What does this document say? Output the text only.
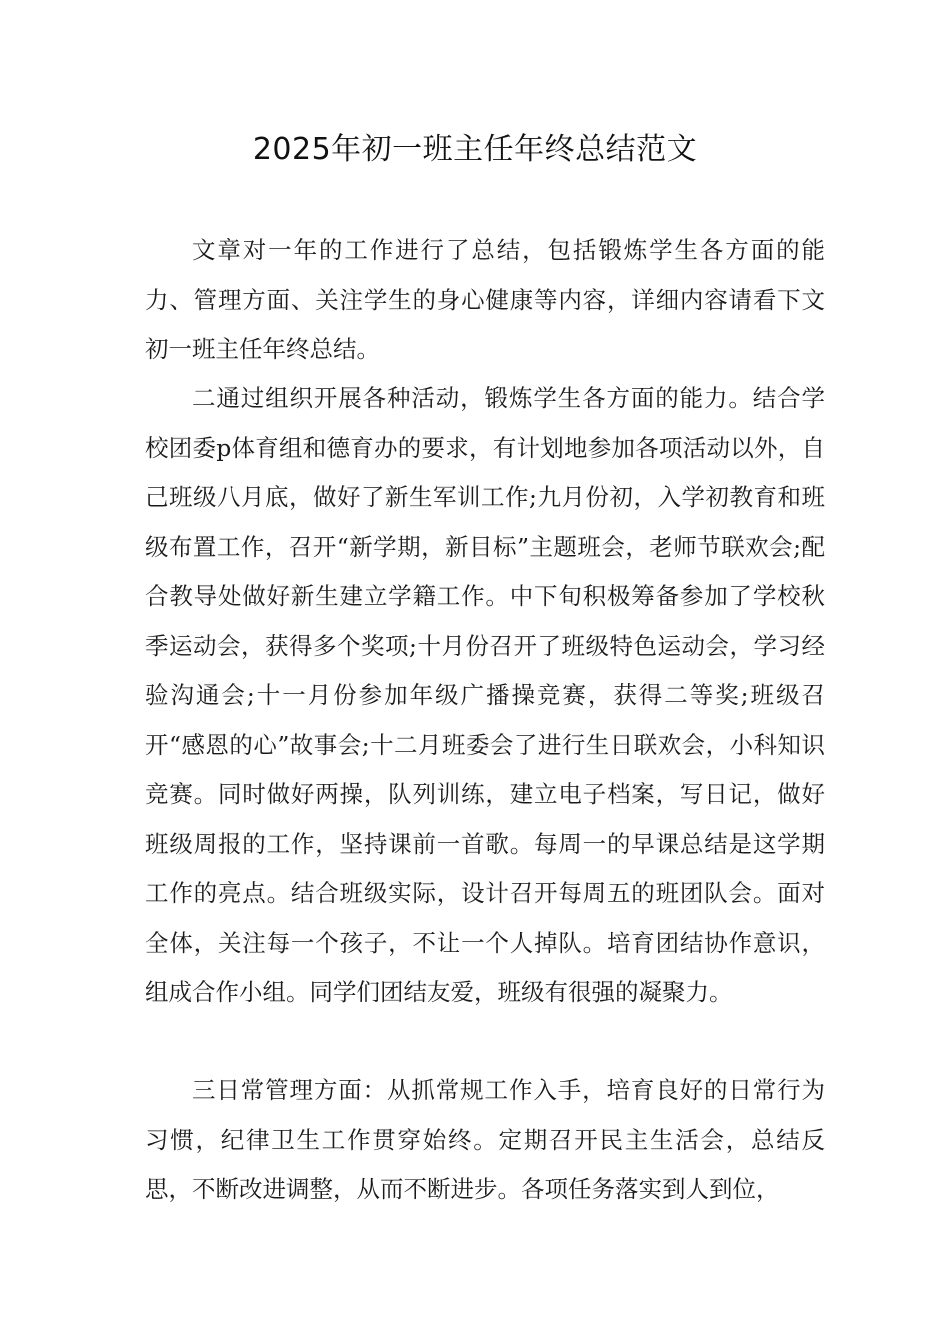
2025年初一班主任年终总结范文

文章对一年的工作进行了总结，包括锻炼学生各方面的能力、管理方面、关注学生的身心健康等内容，详细内容请看下文初一班主任年终总结。

二通过组织开展各种活动，锻炼学生各方面的能力。结合学校团委p体育组和德育办的要求，有计划地参加各项活动以外，自己班级八月底，做好了新生军训工作;九月份初，入学初教育和班级布置工作，召开“新学期，新目标”主题班会，老师节联欢会;配合教导处做好新生建立学籍工作。中下旬积极筹备参加了学校秋季运动会，获得多个奖项;十月份召开了班级特色运动会，学习经验沟通会;十一月份参加年级广播操竞赛，获得二等奖;班级召开“感恩的心”故事会;十二月班委会了进行生日联欢会，小科知识竞赛。同时做好两操，队列训练，建立电子档案，写日记，做好班级周报的工作，坚持课前一首歌。每周一的早课总结是这学期工作的亮点。结合班级实际，设计召开每周五的班团队会。面对全体，关注每一个孩子，不让一个人掉队。培育团结协作意识，组成合作小组。同学们团结友爱，班级有很强的凝聚力。

三日常管理方面：从抓常规工作入手，培育良好的日常行为习惯，纪律卫生工作贯穿始终。定期召开民主生活会，总结反思，不断改进调整，从而不断进步。各项任务落实到人到位，
